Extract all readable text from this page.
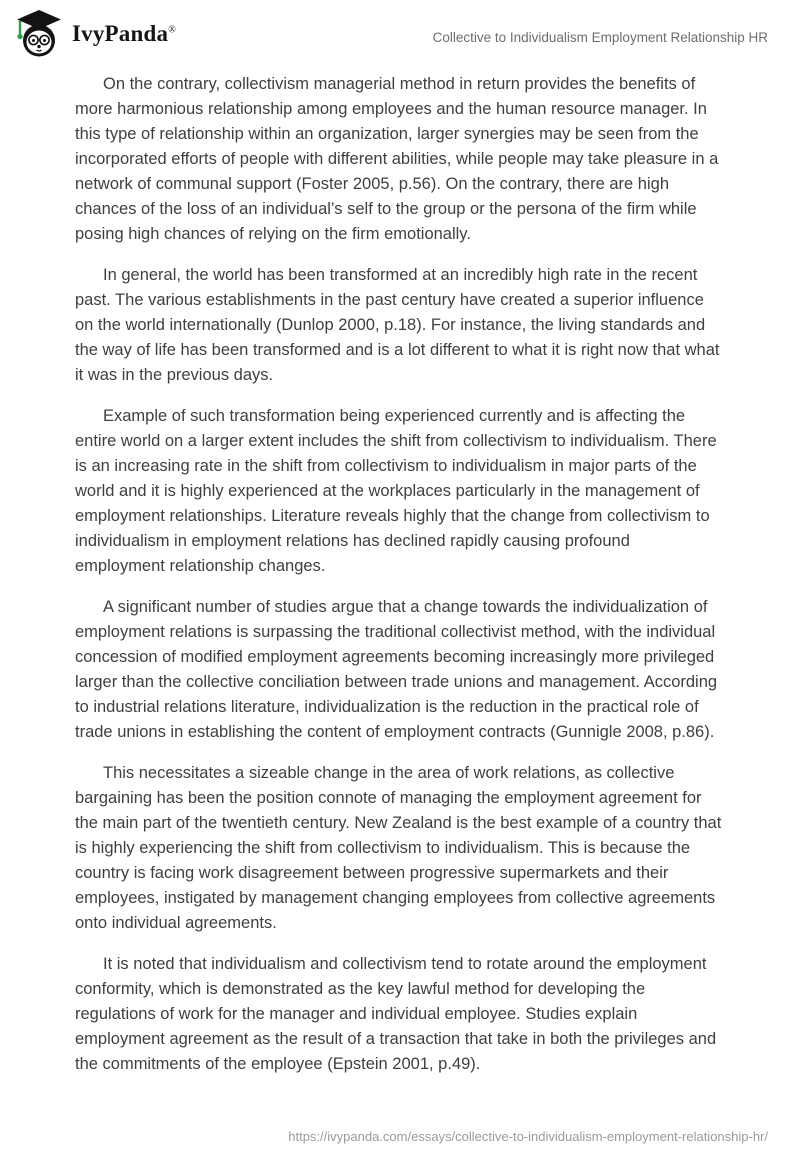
IvyPanda®	Collective to Individualism Employment Relationship HR

On the contrary, collectivism managerial method in return provides the benefits of more harmonious relationship among employees and the human resource manager. In this type of relationship within an organization, larger synergies may be seen from the incorporated efforts of people with different abilities, while people may take pleasure in a network of communal support (Foster 2005, p.56). On the contrary, there are high chances of the loss of an individual’s self to the group or the persona of the firm while posing high chances of relying on the firm emotionally.

In general, the world has been transformed at an incredibly high rate in the recent past. The various establishments in the past century have created a superior influence on the world internationally (Dunlop 2000, p.18). For instance, the living standards and the way of life has been transformed and is a lot different to what it is right now that what it was in the previous days.

Example of such transformation being experienced currently and is affecting the entire world on a larger extent includes the shift from collectivism to individualism. There is an increasing rate in the shift from collectivism to individualism in major parts of the world and it is highly experienced at the workplaces particularly in the management of employment relationships. Literature reveals highly that the change from collectivism to individualism in employment relations has declined rapidly causing profound employment relationship changes.

A significant number of studies argue that a change towards the individualization of employment relations is surpassing the traditional collectivist method, with the individual concession of modified employment agreements becoming increasingly more privileged larger than the collective conciliation between trade unions and management. According to industrial relations literature, individualization is the reduction in the practical role of trade unions in establishing the content of employment contracts (Gunnigle 2008, p.86).

This necessitates a sizeable change in the area of work relations, as collective bargaining has been the position connote of managing the employment agreement for the main part of the twentieth century. New Zealand is the best example of a country that is highly experiencing the shift from collectivism to individualism. This is because the country is facing work disagreement between progressive supermarkets and their employees, instigated by management changing employees from collective agreements onto individual agreements.

It is noted that individualism and collectivism tend to rotate around the employment conformity, which is demonstrated as the key lawful method for developing the regulations of work for the manager and individual employee. Studies explain employment agreement as the result of a transaction that take in both the privileges and the commitments of the employee (Epstein 2001, p.49).

https://ivypanda.com/essays/collective-to-individualism-employment-relationship-hr/
